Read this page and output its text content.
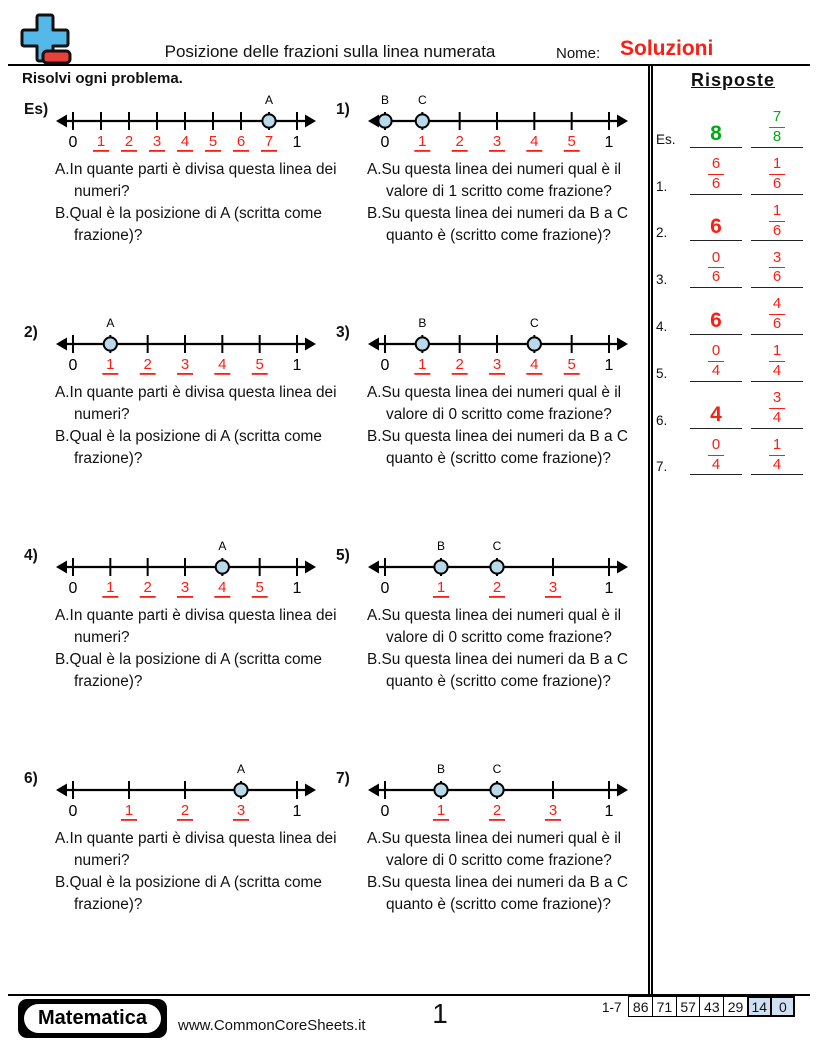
Posizione delle frazioni sulla linea numerata	Nome: Soluzioni
Risolvi ogni problema.
Es)
0 1 2 3 4 5 6 7 1
A
A.In quante parti è divisa questa linea dei numeri?
B.Qual è la posizione di A (scritta come frazione)?
1)
0 1 2 3 4 5 1
B C
A.Su questa linea dei numeri qual è il valore di 1 scritto come frazione?
B.Su questa linea dei numeri da B a C quanto è (scritto come frazione)?
2)
0 1 2 3 4 5 1
A
A.In quante parti è divisa questa linea dei numeri?
B.Qual è la posizione di A (scritta come frazione)?
3)
0 1 2 3 4 5 1
B	C
A.Su questa linea dei numeri qual è il valore di 0 scritto come frazione?
B.Su questa linea dei numeri da B a C quanto è (scritto come frazione)?
4)
0 1 2 3 4 5 1
A
A.In quante parti è divisa questa linea dei numeri?
B.Qual è la posizione di A (scritta come frazione)?
5)
0	1	2	3	1
B	C
A.Su questa linea dei numeri qual è il valore di 0 scritto come frazione?
B.Su questa linea dei numeri da B a C quanto è (scritto come frazione)?
6)
0	1	2	3	1
A
A.In quante parti è divisa questa linea dei numeri?
B.Qual è la posizione di A (scritta come frazione)?
7)
0	1	2	3	1
B	C
A.Su questa linea dei numeri qual è il valore di 0 scritto come frazione?
B.Su questa linea dei numeri da B a C quanto è (scritto come frazione)?
Risposte
Es. 8	$\frac{7}{8}$
1.	$\frac{6}{6}$	$\frac{1}{6}$
2.	6	$\frac{1}{6}$
3.	$\frac{0}{6}$	$\frac{3}{6}$
4.	6	$\frac{4}{6}$
5.	$\frac{0}{4}$	$\frac{1}{4}$
6.	4	$\frac{3}{4}$
7.	$\frac{0}{4}$	$\frac{1}{4}$
Matematica	www.CommonCoreSheets.it	1	1-7 86 71 57 43 29 14 0
